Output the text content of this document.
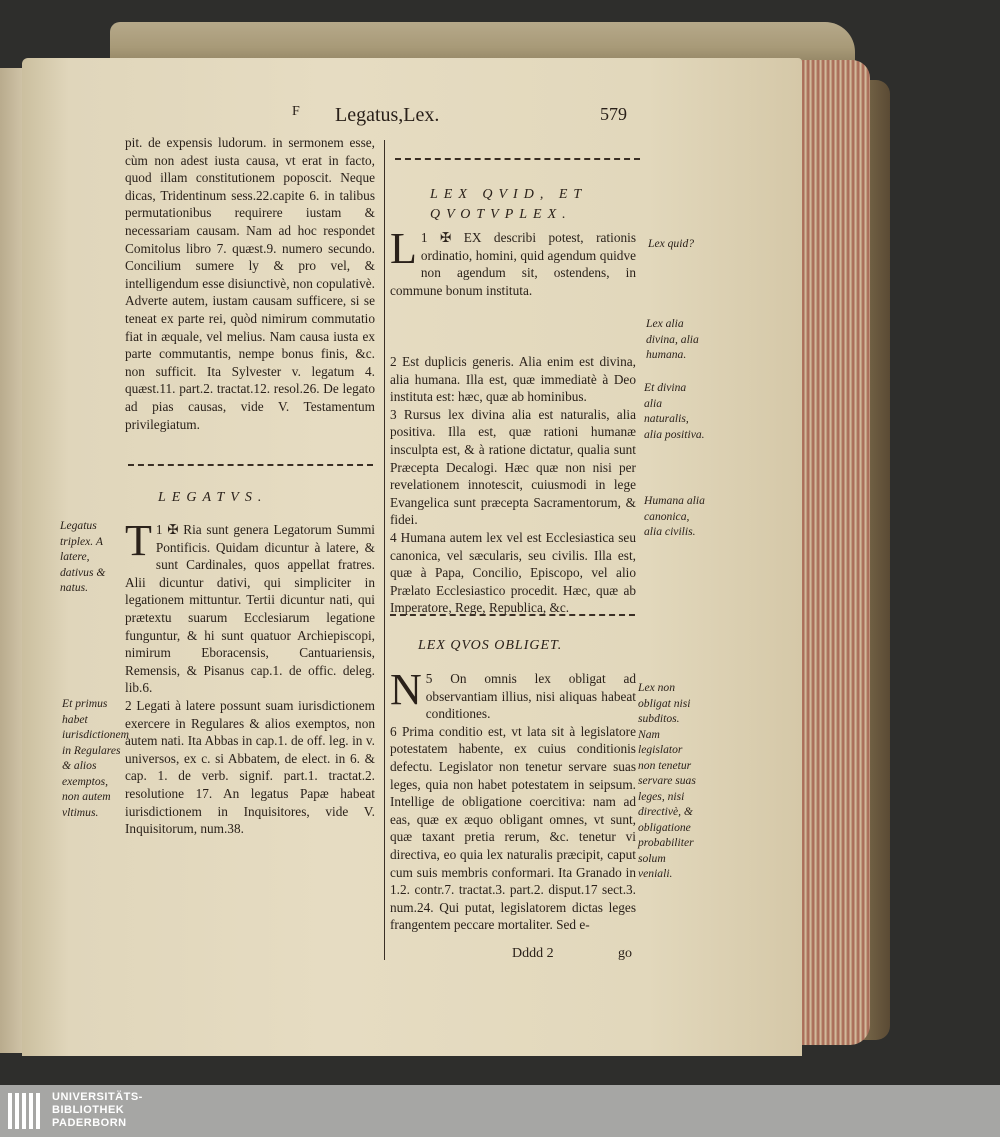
F Legatus,Lex.	579

pit. de expensis ludorum. in sermonem esse, cùm non adest iusta causa, vt erat in facto, quod illam constitutionem poposcit. Neque dicas, Tridentinum sess.22.capite 6. in talibus permutationibus requirere iustam & necessariam causam. Nam ad hoc respondet Comitolus libro 7. quæst.9. numero secundo. Concilium sumere ly & pro vel, & intelligendum esse disiunctivè, non copulativè. Adverte autem, iustam causam sufficere, si se teneat ex parte rei, quòd nimirum commutatio fiat in æquale, vel melius. Nam causa iusta ex parte commutantis, nempe bonus finis, &c. non sufficit. Ita Sylvester v. legatum 4. quæst.11. part.2. tractat.12. resol.26. De legato ad pias causas, vide V. Testamentum privilegiatum.

LEGATVS.

1 ✠
T Ria sunt genera Legatorum Summi Pontificis. Quidam dicuntur à latere, & sunt Cardinales, quos appellat fratres. Alii dicuntur dativi, qui simpliciter in legationem mittuntur. Tertii dicuntur nati, qui prætextu suarum Ecclesiarum legatione funguntur, & hi sunt quatuor Archiepiscopi, nimirum Eboracensis, Cantuariensis, Remensis, & Pisanus cap.1. de offic. deleg. lib.6.

2 Legati à latere possunt suam iurisdictionem exercere in Regulares & alios exemptos, non autem nati. Ita Abbas in cap.1. de off. leg. in v. universos, ex c. si Abbatem, de elect. in 6. & cap. 1. de verb. signif. part.1. tractat.2. resolutione 17. An legatus Papæ habeat iurisdictionem in Inquisitores, vide V. Inquisitorum, num.38.

LEX QVID, ET QVOTVPLEX.

1 ✠
L	EX describi potest, rationis ordinatio, homini, quid agendum quidve non agendum sit, ostendens, in commune bonum instituta.

2 Est duplicis generis. Alia enim est divina, alia humana. Illa est, quæ immediatè à Deo instituta est: hæc, quæ ab hominibus.

3 Rursus lex divina alia est naturalis, alia positiva. Illa est, quæ rationi humanæ insculpta est, & à ratione dictatur, qualia sunt Præcepta Decalogi. Hæc quæ non nisi per revelationem innotescit, cuiusmodi in lege Evangelica sunt præcepta Sacramentorum, & fidei.

4 Humana autem lex vel est Ecclesiastica seu canonica, vel sæcularis, seu civilis. Illa est, quæ à Papa, Concilio, Episcopo, vel alio Prælato Ecclesiastico procedit. Hæc, quæ ab Imperatore, Rege, Republica, &c.

LEX QVOS OBLIGET.

5
N On omnis lex obligat ad observantiam illius, nisi aliquas habeat conditiones.

6 Prima conditio est, vt lata sit à legislatore potestatem habente, ex cuius conditionis defectu. Legislator non tenetur servare suas leges, quia non habet potestatem in seipsum. Intellige de obligatione coercitiva: nam ad eas, quæ ex æquo obligant omnes, vt sunt, quæ taxant pretia rerum, &c. tenetur vi directiva, eo quia lex naturalis præcipit, caput cum suis membris conformari. Ita Granado in 1.2. contr.7. tractat.3. part.2. disput.17 sect.3. num.24. Qui putat, legislatorem dictas leges frangentem peccare mortaliter. Sed e-

Dddd 2	go
Legatus triplex. A latere, dativus & natus.
Et primus habet iurisdictionem in Regulares & alios exemptos, non autem vltimus.
Lex quid?
Lex alia divina, alia humana.
Et divina alia naturalis, alia positiva.
Humana alia canonica, alia civilis.
Lex non obligat nisi subditos. Nam legislator non tenetur servare suas leges, nisi directivè, & obligatione probabiliter solum veniali.
UNIVERSITÄTS-
BIBLIOTHEK
PADERBORN
